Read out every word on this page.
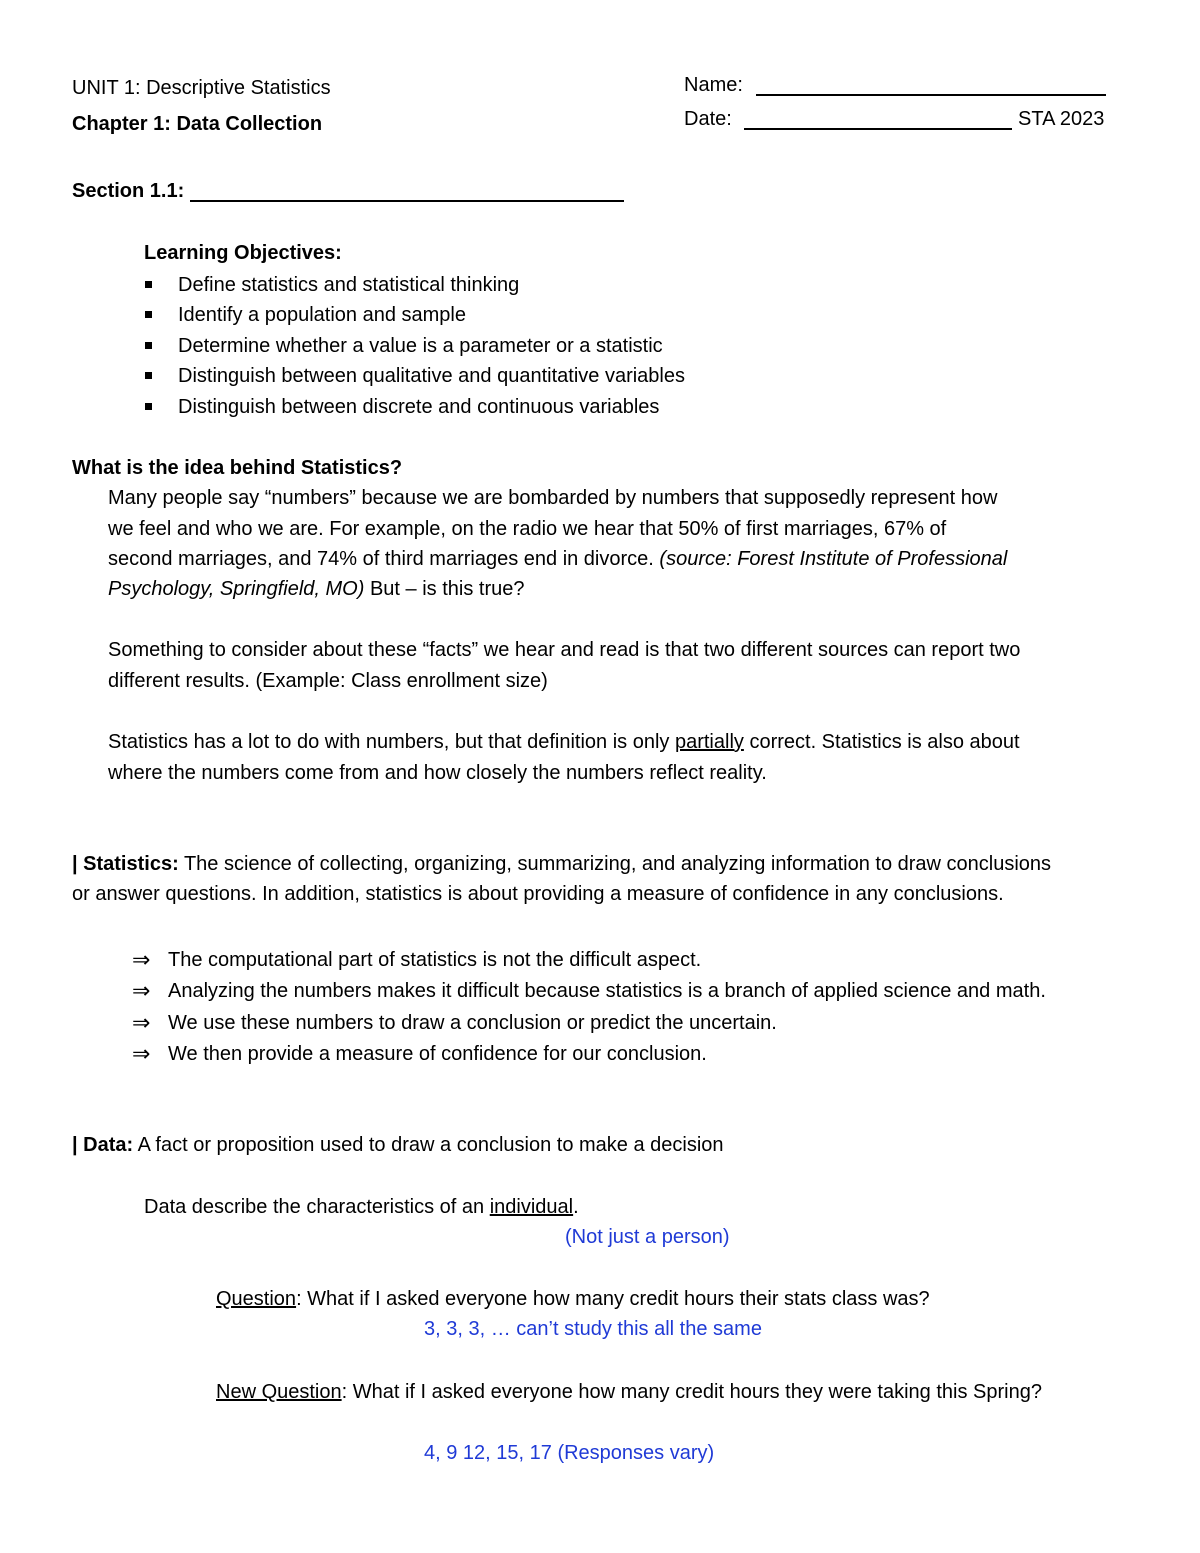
UNIT 1: Descriptive Statistics
Chapter 1: Data Collection
Name:
Date:	STA 2023
Section 1.1:
Learning Objectives:
Define statistics and statistical thinking
Identify a population and sample
Determine whether a value is a parameter or a statistic
Distinguish between qualitative and quantitative variables
Distinguish between discrete and continuous variables
What is the idea behind Statistics?
Many people say “numbers” because we are bombarded by numbers that supposedly represent how
we feel and who we are. For example, on the radio we hear that 50% of first marriages, 67% of
second marriages, and 74% of third marriages end in divorce. (source: Forest Institute of Professional
Psychology, Springfield, MO) But – is this true?
Something to consider about these “facts” we hear and read is that two different sources can report two
different results. (Example: Class enrollment size)
Statistics has a lot to do with numbers, but that definition is only partially correct. Statistics is also about
where the numbers come from and how closely the numbers reflect reality.
| Statistics: The science of collecting, organizing, summarizing, and analyzing information to draw conclusions
or answer questions. In addition, statistics is about providing a measure of confidence in any conclusions.
⇒ The computational part of statistics is not the difficult aspect.
⇒ Analyzing the numbers makes it difficult because statistics is a branch of applied science and math.
⇒ We use these numbers to draw a conclusion or predict the uncertain.
⇒ We then provide a measure of confidence for our conclusion.
| Data: A fact or proposition used to draw a conclusion to make a decision
Data describe the characteristics of an individual.
(Not just a person)
Question: What if I asked everyone how many credit hours their stats class was?
3, 3, 3, … can’t study this all the same
New Question: What if I asked everyone how many credit hours they were taking this Spring?
4, 9 12, 15, 17 (Responses vary)
